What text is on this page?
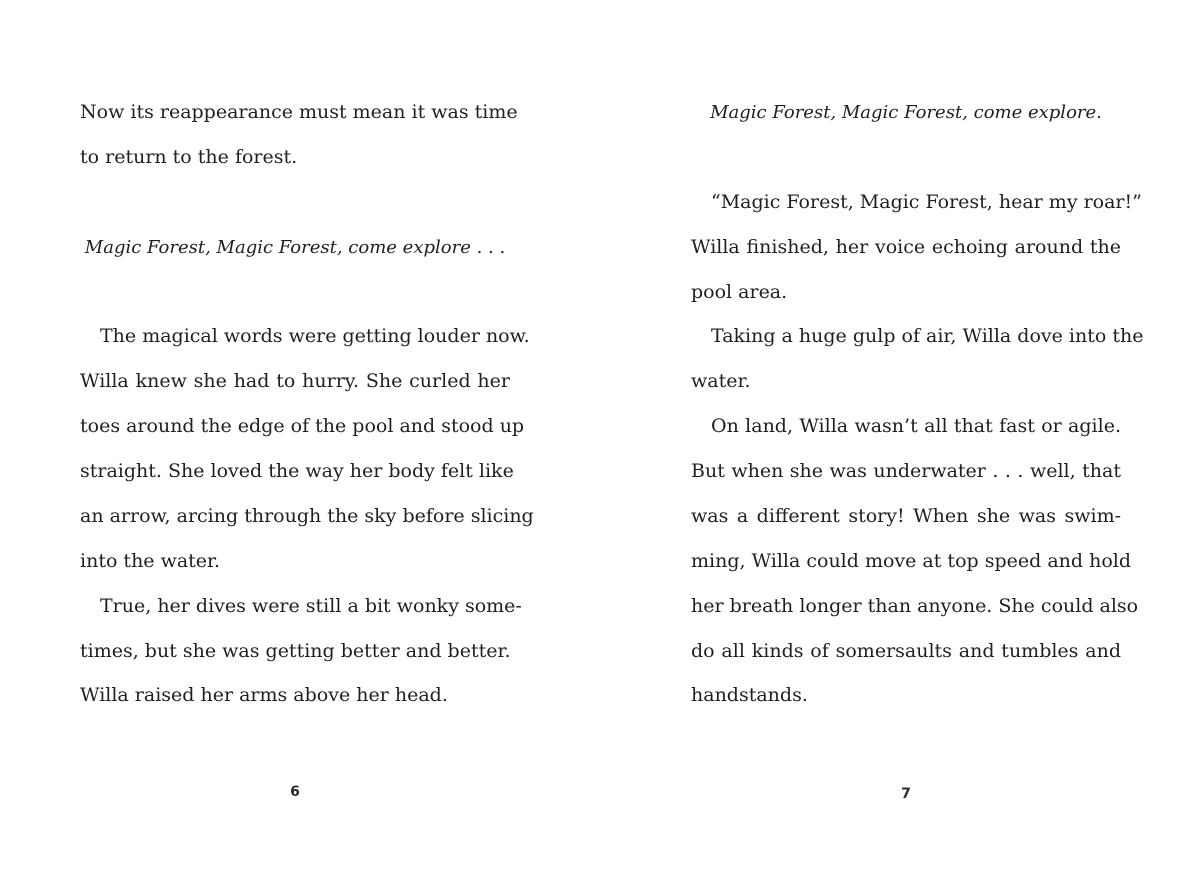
Now its reappearance must mean it was time
to return to the forest.
Magic Forest, Magic Forest, come explore . . .
The magical words were getting louder now.
Willa knew she had to hurry. She curled her
toes around the edge of the pool and stood up
straight. She loved the way her body felt like
an arrow, arcing through the sky before slicing
into the water.
True, her dives were still a bit wonky some-
times, but she was getting better and better.
Willa raised her arms above her head.
6
Magic Forest, Magic Forest, come explore.
“Magic Forest, Magic Forest, hear my roar!”
Willa finished, her voice echoing around the
pool area.
Taking a huge gulp of air, Willa dove into the
water.
On land, Willa wasn’t all that fast or agile.
But when she was underwater . . . well, that
was a different story! When she was swim-
ming, Willa could move at top speed and hold
her breath longer than anyone. She could also
do all kinds of somersaults and tumbles and
handstands.
7
